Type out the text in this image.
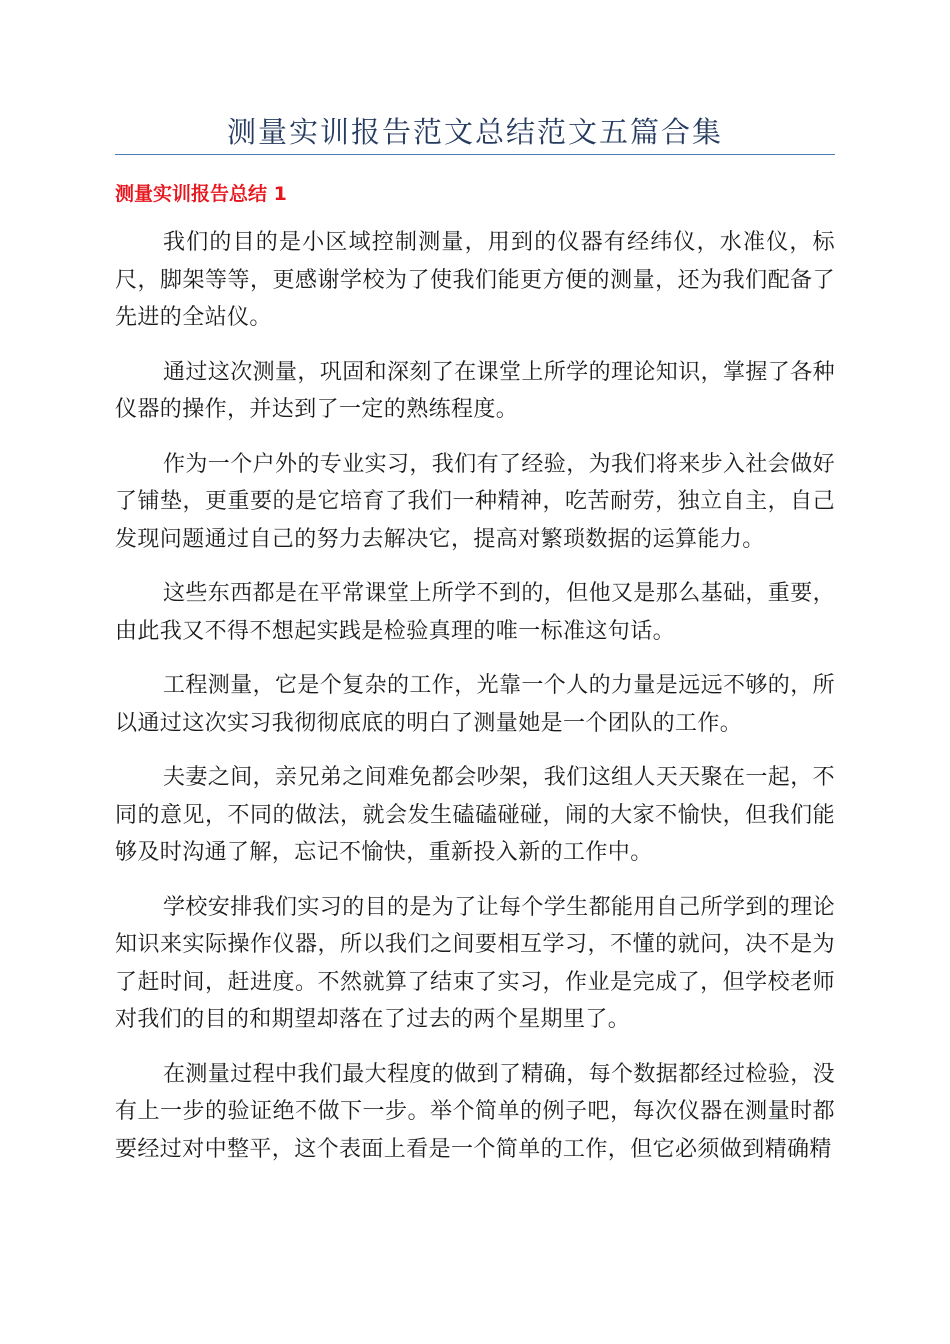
测量实训报告范文总结范文五篇合集
测量实训报告总结 1

我们的目的是小区域控制测量，用到的仪器有经纬仪，水准仪，标尺，脚架等等，更感谢学校为了使我们能更方便的测量，还为我们配备了先进的全站仪。

通过这次测量，巩固和深刻了在课堂上所学的理论知识，掌握了各种仪器的操作，并达到了一定的熟练程度。

作为一个户外的专业实习，我们有了经验，为我们将来步入社会做好了铺垫，更重要的是它培育了我们一种精神，吃苦耐劳，独立自主，自己发现问题通过自己的努力去解决它，提高对繁琐数据的运算能力。

这些东西都是在平常课堂上所学不到的，但他又是那么基础，重要，由此我又不得不想起实践是检验真理的唯一标准这句话。

工程测量，它是个复杂的工作，光靠一个人的力量是远远不够的，所以通过这次实习我彻彻底底的明白了测量她是一个团队的工作。

夫妻之间，亲兄弟之间难免都会吵架，我们这组人天天聚在一起，不同的意见，不同的做法，就会发生磕磕碰碰，闹的大家不愉快，但我们能够及时沟通了解，忘记不愉快，重新投入新的工作中。

学校安排我们实习的目的是为了让每个学生都能用自己所学到的理论知识来实际操作仪器，所以我们之间要相互学习，不懂的就问，决不是为了赶时间，赶进度。不然就算了结束了实习，作业是完成了，但学校老师对我们的目的和期望却落在了过去的两个星期里了。

在测量过程中我们最大程度的做到了精确，每个数据都经过检验，没有上一步的验证绝不做下一步。举个简单的例子吧，每次仪器在测量时都要经过对中整平，这个表面上看是一个简单的工作，但它必须做到精确精
